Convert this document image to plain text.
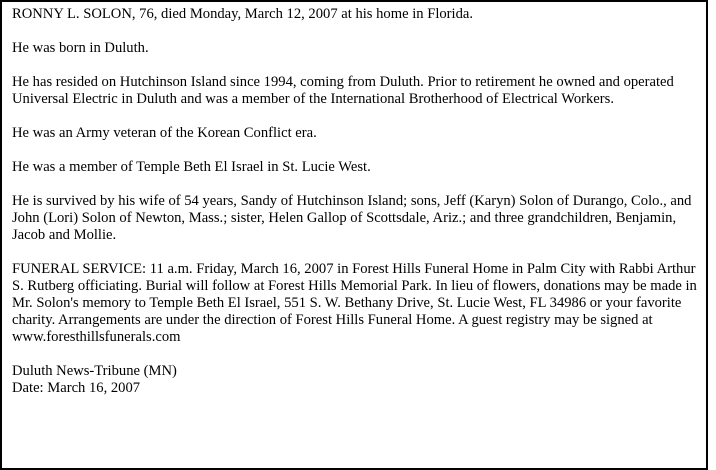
RONNY L. SOLON, 76, died Monday, March 12, 2007 at his home in Florida.

He was born in Duluth.

He has resided on Hutchinson Island since 1994, coming from Duluth. Prior to retirement he owned and operated Universal Electric in Duluth and was a member of the International Brotherhood of Electrical Workers.

He was an Army veteran of the Korean Conflict era.

He was a member of Temple Beth El Israel in St. Lucie West.

He is survived by his wife of 54 years, Sandy of Hutchinson Island; sons, Jeff (Karyn) Solon of Durango, Colo., and John (Lori) Solon of Newton, Mass.; sister, Helen Gallop of Scottsdale, Ariz.; and three grandchildren, Benjamin, Jacob and Mollie.

FUNERAL SERVICE: 11 a.m. Friday, March 16, 2007 in Forest Hills Funeral Home in Palm City with Rabbi Arthur S. Rutberg officiating. Burial will follow at Forest Hills Memorial Park. In lieu of flowers, donations may be made in Mr. Solon's memory to Temple Beth El Israel, 551 S. W. Bethany Drive, St. Lucie West, FL 34986 or your favorite charity. Arrangements are under the direction of Forest Hills Funeral Home. A guest registry may be signed at www.foresthillsfunerals.com

Duluth News-Tribune (MN)

Date: March 16, 2007
